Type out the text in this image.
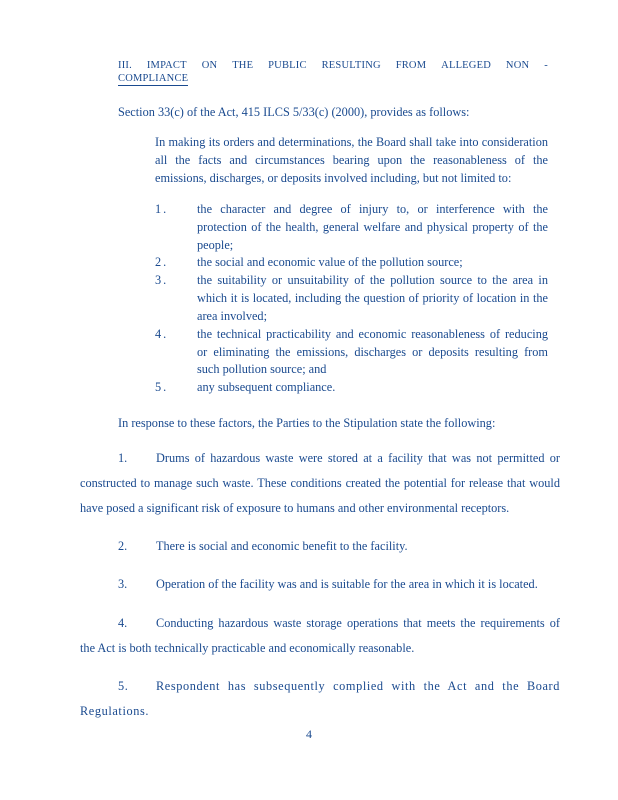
III. IMPACT ON THE PUBLIC RESULTING FROM ALLEGED NON -
COMPLIANCE

Section 33(c) of the Act, 415 ILCS 5/33(c) (2000), provides as follows:

In making its orders and determinations, the Board shall take into consideration all the facts and circumstances bearing upon the reasonableness of the emissions, discharges, or deposits involved including, but not limited to:

1.	the character and degree of injury to, or interference with the protection of the health, general welfare and physical property of the people;
2.	the social and economic value of the pollution source;
3.	the suitability or unsuitability of the pollution source to the area in which it is located, including the question of priority of location in the area involved;
4.	the technical practicability and economic reasonableness of reducing or eliminating the emissions, discharges or deposits resulting from such pollution source; and
5.	any subsequent compliance.

In response to these factors, the Parties to the Stipulation state the following:

1. Drums of hazardous waste were stored at a facility that was not permitted or constructed to manage such waste. These conditions created the potential for release that would have posed a significant risk of exposure to humans and other environmental receptors.

2. There is social and economic benefit to the facility.

3. Operation of the facility was and is suitable for the area in which it is located.

4. Conducting hazardous waste storage operations that meets the requirements of the Act is both technically practicable and economically reasonable.

5. Respondent has subsequently complied with the Act and the Board Regulations.

4
